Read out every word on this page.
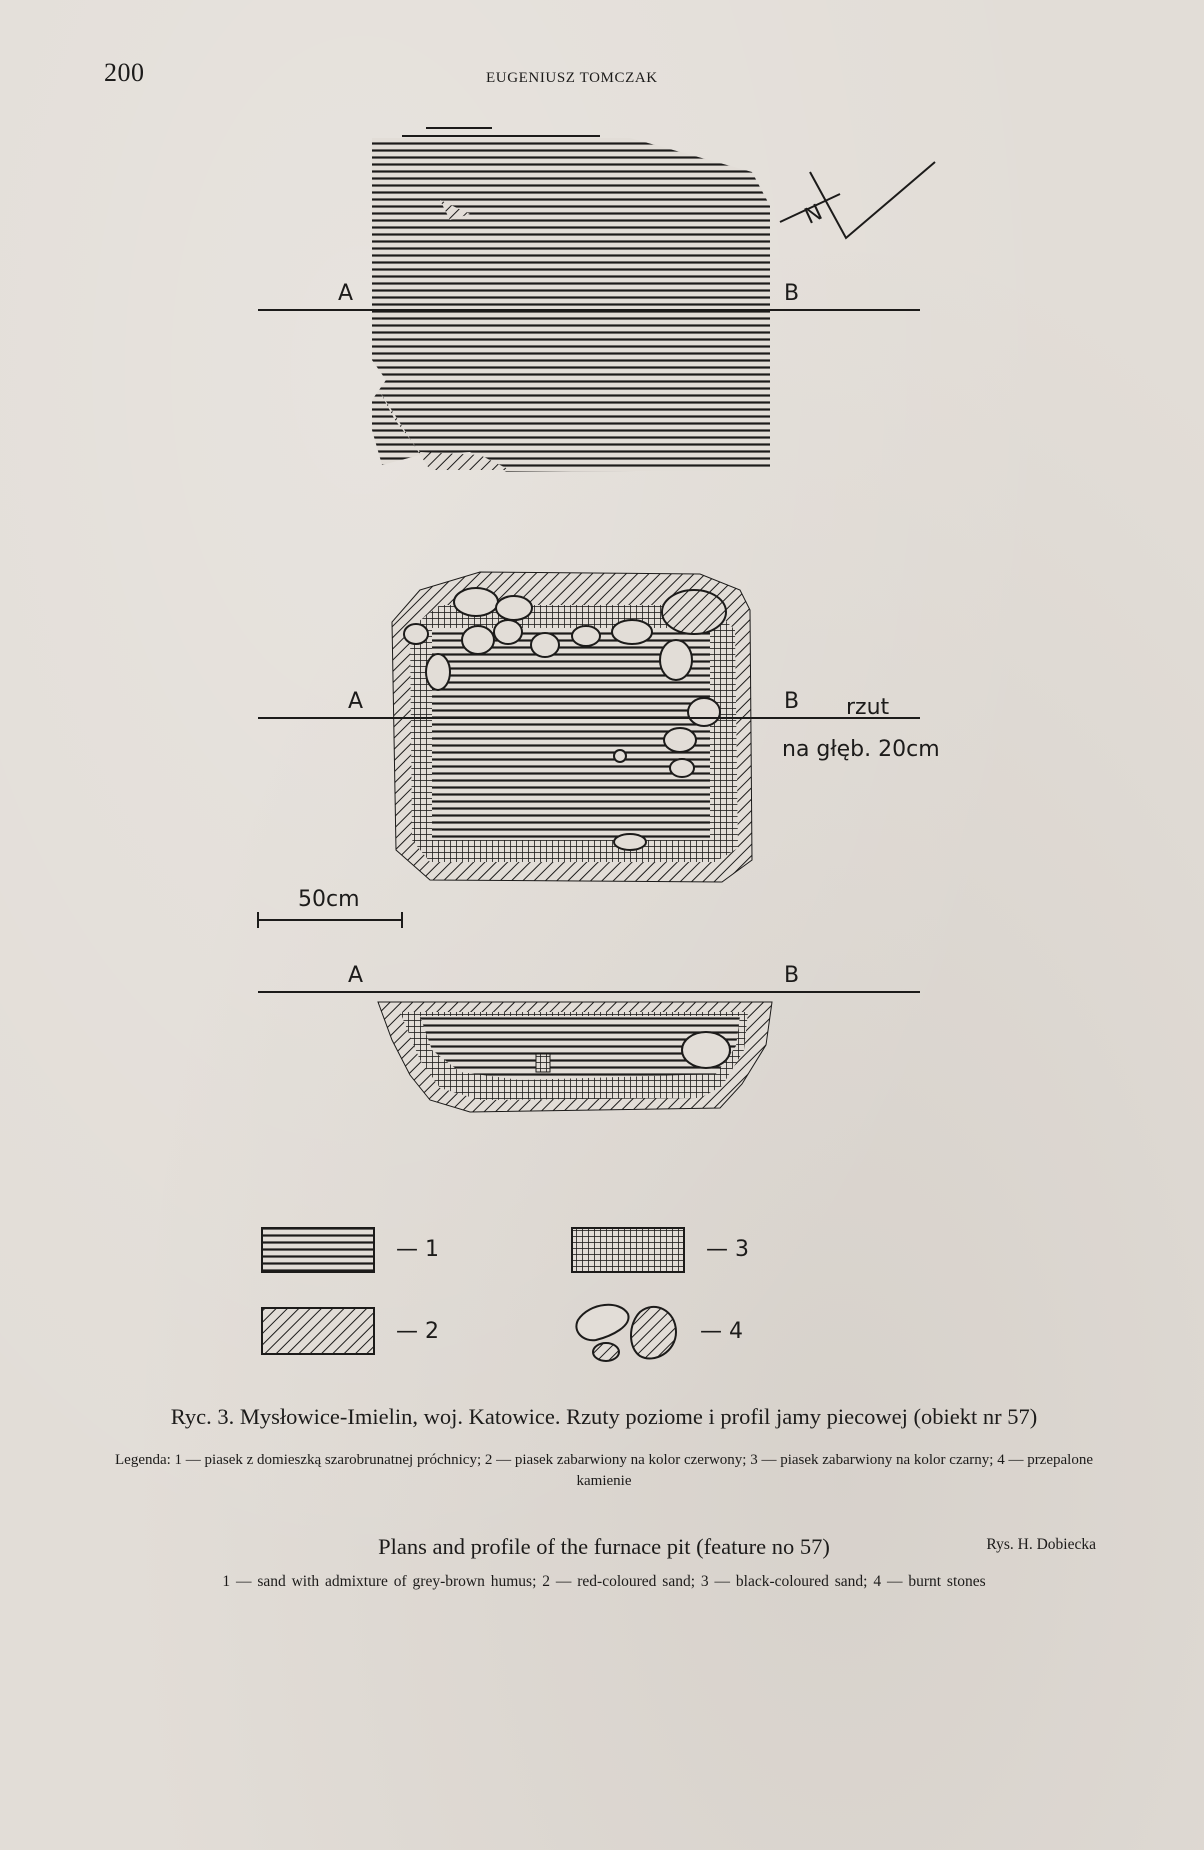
200	EUGENIUSZ TOMCZAK
A	B
N
A	B rzut
na głęb. 20cm
50cm
A	B
— 1	— 3
— 2	— 4
Ryc. 3. Mysłowice-Imielin, woj. Katowice. Rzuty poziome i profil jamy piecowej (obiekt nr 57)
Legenda: 1 — piasek z domieszką szarobrunatnej próchnicy; 2 — piasek zabarwiony na kolor czerwony; 3 — piasek zabarwiony na kolor czarny; 4 — przepalone kamienie
Rys. H. Dobiecka
Plans and profile of the furnace pit (feature no 57)
1 — sand with admixture of grey-brown humus; 2 — red-coloured sand; 3 — black-coloured sand; 4 — burnt stones
